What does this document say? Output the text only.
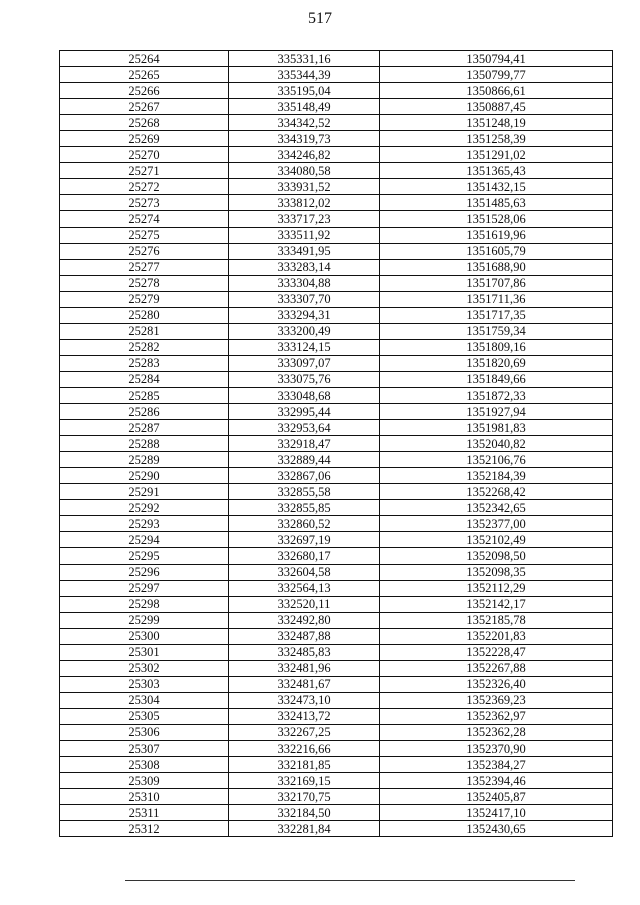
517
25264	335331,16	1350794,41
25265	335344,39	1350799,77
25266	335195,04	1350866,61
25267	335148,49	1350887,45
25268	334342,52	1351248,19
25269	334319,73	1351258,39
25270	334246,82	1351291,02
25271	334080,58	1351365,43
25272	333931,52	1351432,15
25273	333812,02	1351485,63
25274	333717,23	1351528,06
25275	333511,92	1351619,96
25276	333491,95	1351605,79
25277	333283,14	1351688,90
25278	333304,88	1351707,86
25279	333307,70	1351711,36
25280	333294,31	1351717,35
25281	333200,49	1351759,34
25282	333124,15	1351809,16
25283	333097,07	1351820,69
25284	333075,76	1351849,66
25285	333048,68	1351872,33
25286	332995,44	1351927,94
25287	332953,64	1351981,83
25288	332918,47	1352040,82
25289	332889,44	1352106,76
25290	332867,06	1352184,39
25291	332855,58	1352268,42
25292	332855,85	1352342,65
25293	332860,52	1352377,00
25294	332697,19	1352102,49
25295	332680,17	1352098,50
25296	332604,58	1352098,35
25297	332564,13	1352112,29
25298	332520,11	1352142,17
25299	332492,80	1352185,78
25300	332487,88	1352201,83
25301	332485,83	1352228,47
25302	332481,96	1352267,88
25303	332481,67	1352326,40
25304	332473,10	1352369,23
25305	332413,72	1352362,97
25306	332267,25	1352362,28
25307	332216,66	1352370,90
25308	332181,85	1352384,27
25309	332169,15	1352394,46
25310	332170,75	1352405,87
25311	332184,50	1352417,10
25312	332281,84	1352430,65
